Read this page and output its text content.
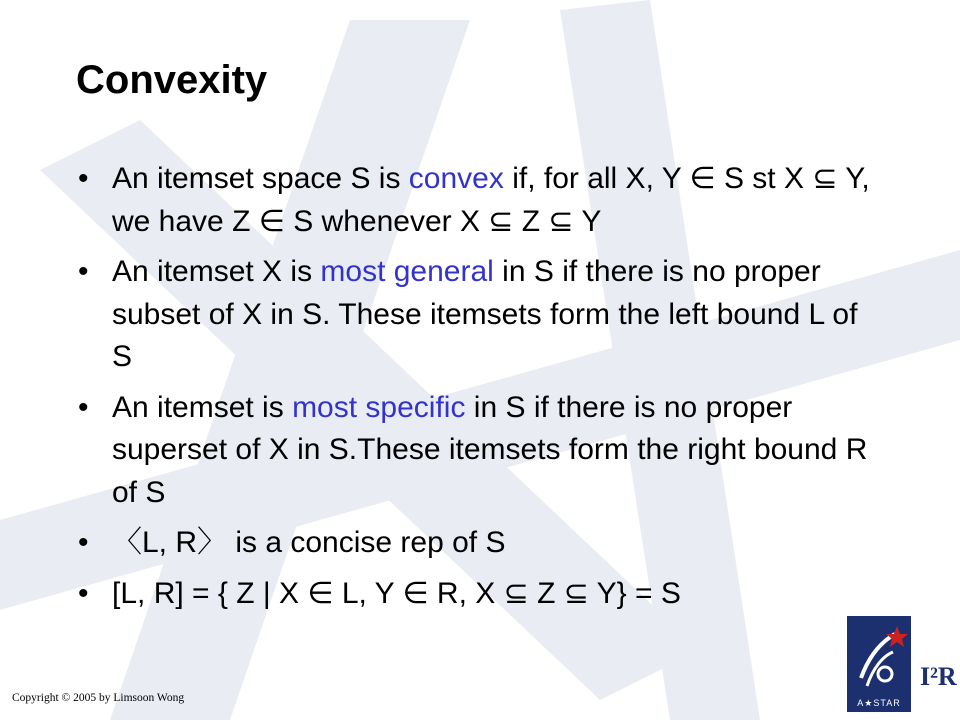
Convexity
• An itemset space S is convex if, for all X, Y ∈ S st X ⊆ Y, we have Z ∈ S whenever X ⊆ Z ⊆ Y
• An itemset X is most general in S if there is no proper subset of X in S. These itemsets form the left bound L of S
• An itemset is most specific in S if there is no proper superset of X in S.These itemsets form the right bound R of S
• 〈L, R〉 is a concise rep of S
• [L, R] = { Z | X ∈ L, Y ∈ R, X ⊆ Z ⊆ Y} = S
Copyright © 2005 by Limsoon Wong	A★STAR
I²R
